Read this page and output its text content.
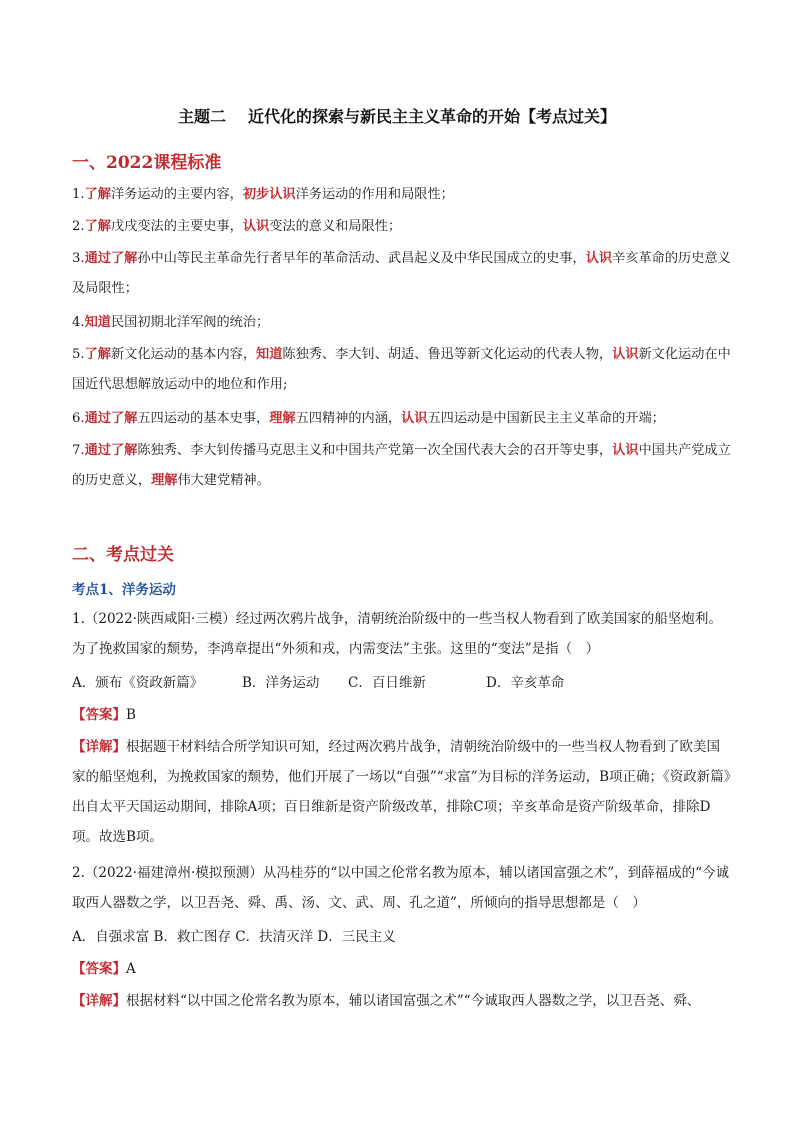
主题二 近代化的探索与新民主主义革命的开始【考点过关】
一、2022课程标准
1.了解洋务运动的主要内容，初步认识洋务运动的作用和局限性；
2.了解戊戌变法的主要史事，认识变法的意义和局限性；
3.通过了解孙中山等民主革命先行者早年的革命活动、武昌起义及中华民国成立的史事，认识辛亥革命的历史意义及局限性；
4.知道民国初期北洋军阀的统治；
5.了解新文化运动的基本内容，知道陈独秀、李大钊、胡适、鲁迅等新文化运动的代表人物，认识新文化运动在中国近代思想解放运动中的地位和作用;
6.通过了解五四运动的基本史事，理解五四精神的内涵，认识五四运动是中国新民主主义革命的开端；
7.通过了解陈独秀、李大钊传播马克思主义和中国共产党第一次全国代表大会的召开等史事，认识中国共产党成立的历史意义，理解伟大建党精神。
二、考点过关
考点1、洋务运动
1.（2022·陕西咸阳·三模）经过两次鸦片战争，清朝统治阶级中的一些当权人物看到了欧美国家的船坚炮利。为了挽救国家的颓势，李鸿章提出“外须和戎，内需变法”主张。这里的“变法”是指（　）
A．颁布《资政新篇》	B．洋务运动	C．百日维新	D．辛亥革命
【答案】B
【详解】根据题干材料结合所学知识可知，经过两次鸦片战争，清朝统治阶级中的一些当权人物看到了欧美国家的船坚炮利，为挽救国家的颓势，他们开展了一场以“自强”“求富”为目标的洋务运动，B项正确；《资政新篇》出自太平天国运动期间，排除A项；百日维新是资产阶级改革，排除C项；辛亥革命是资产阶级革命，排除D项。故选B项。
2.（2022·福建漳州·模拟预测）从冯桂芬的“以中国之伦常名教为原本，辅以诸国富强之术”，到薛福成的“今诚取西人器数之学，以卫吾尧、舜、禹、汤、文、武、周、孔之道”，所倾向的指导思想都是（　）
A．自强求富 B．救亡图存 C．扶清灭洋 D．三民主义
【答案】A
【详解】根据材料“以中国之伦常名教为原本，辅以诸国富强之术”“今诚取西人器数之学，以卫吾尧、舜、
